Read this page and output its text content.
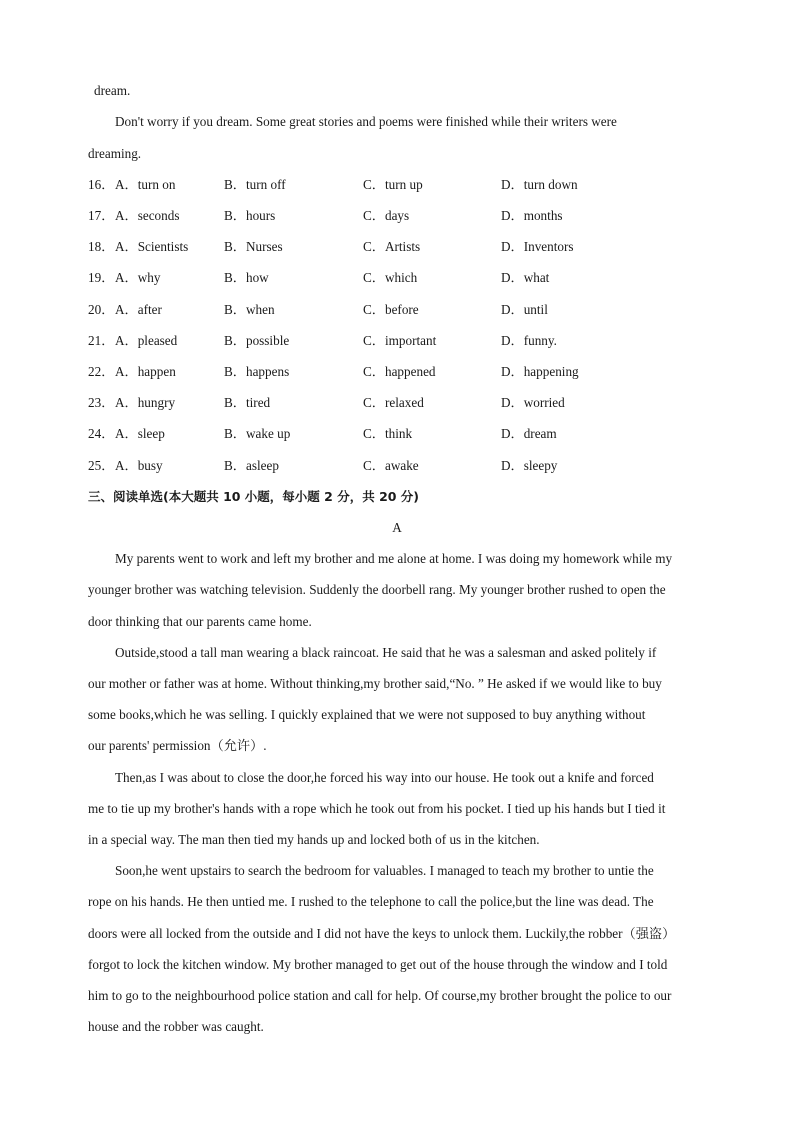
dream.
Don't worry if you dream. Some great stories and poems were finished while their writers were
dreaming.
16． A．turn on	B．turn off	C．turn up	D．turn down
17． A．seconds	B．hours	C．days	D．months
18． A．Scientists	B．Nurses	C．Artists	D．Inventors
19． A．why	B．how	C．which	D．what
20． A．after	B．when	C．before	D．until
21． A．pleased	B．possible	C．important	D．funny.
22． A．happen	B．happens	C．happened	D．happening
23． A．hungry	B．tired	C．relaxed	D．worried
24． A．sleep	B．wake up	C．think	D．dream
25． A．busy	B．asleep	C．awake	D．sleepy
三、阅读单选(本大题共 10 小题，每小题 2 分，共 20 分)
A
My parents went to work and left my brother and me alone at home. I was doing my homework while my
younger brother was watching television. Suddenly the doorbell rang. My younger brother rushed to open the
door thinking that our parents came home.
Outside,stood a tall man wearing a black raincoat. He said that he was a salesman and asked politely if
our mother or father was at home. Without thinking,my brother said,“No. ” He asked if we would like to buy
some books,which he was selling. I quickly explained that we were not supposed to buy anything without
our parents' permission（允许）.
Then,as I was about to close the door,he forced his way into our house. He took out a knife and forced
me to tie up my brother's hands with a rope which he took out from his pocket. I tied up his hands but I tied it
in a special way. The man then tied my hands up and locked both of us in the kitchen.
Soon,he went upstairs to search the bedroom for valuables. I managed to teach my brother to untie the
rope on his hands. He then untied me. I rushed to the telephone to call the police,but the line was dead. The
doors were all locked from the outside and I did not have the keys to unlock them. Luckily,the robber（强盗）
forgot to lock the kitchen window. My brother managed to get out of the house through the window and I told
him to go to the neighbourhood police station and call for help. Of course,my brother brought the police to our
house and the robber was caught.
